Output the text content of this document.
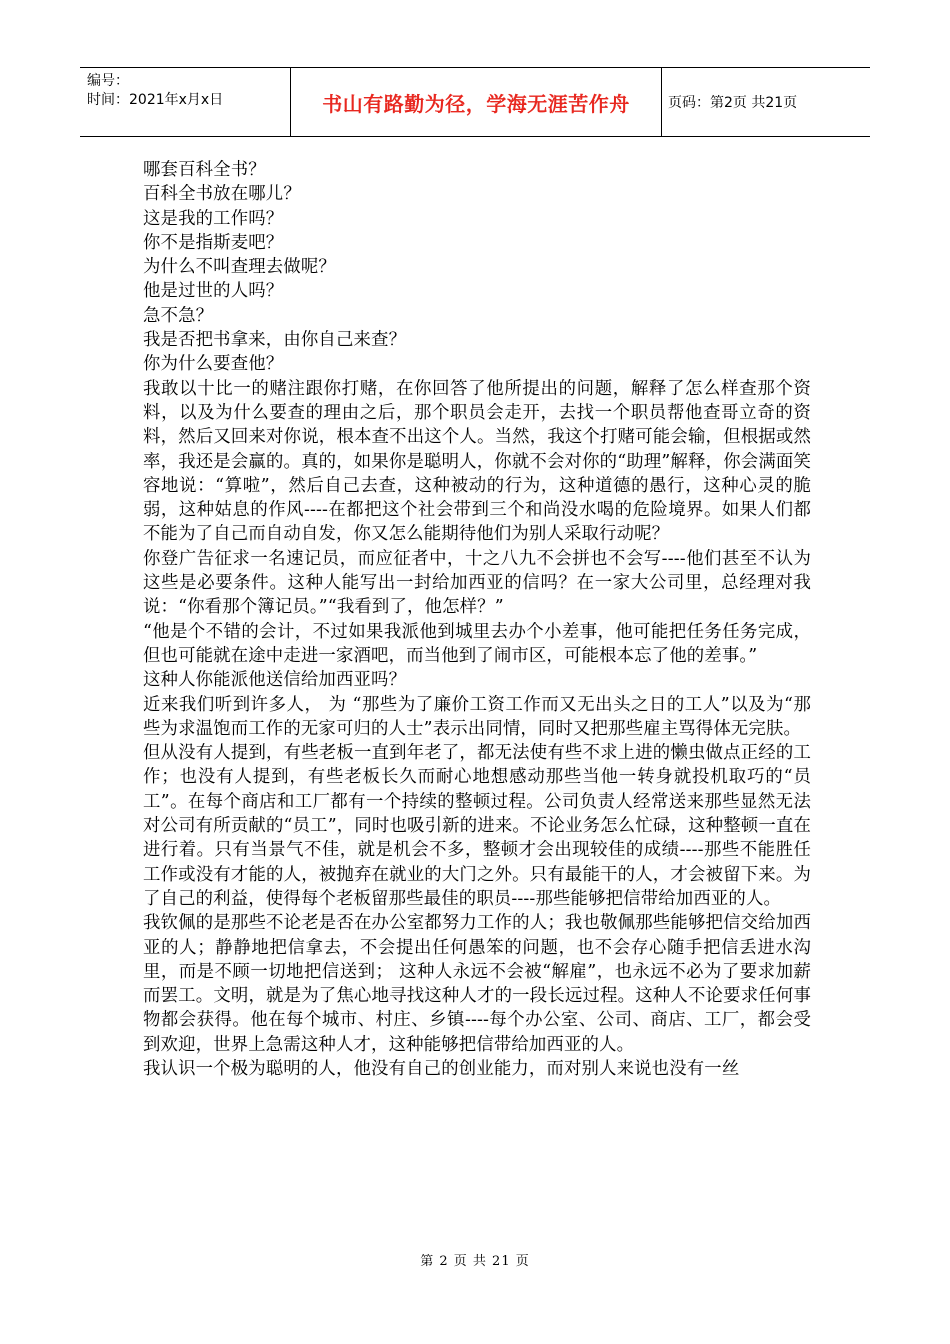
编号：
时间：2021年x月x日	书山有路勤为径，学海无涯苦作舟	页码：第2页 共21页

哪套百科全书？

百科全书放在哪儿？

这是我的工作吗？

你不是指斯麦吧？

为什么不叫查理去做呢？

他是过世的人吗？

急不急？

我是否把书拿来，由你自己来查？

你为什么要查他？

我敢以十比一的赌注跟你打赌，在你回答了他所提出的问题，解释了怎么样查那个资料，以及为什么要查的理由之后，那个职员会走开，去找一个职员帮他查哥立奇的资料，然后又回来对你说，根本查不出这个人。当然，我这个打赌可能会输，但根据或然率，我还是会赢的。真的，如果你是聪明人，你就不会对你的“助理”解释，你会满面笑容地说：“算啦”，然后自己去查，这种被动的行为，这种道德的愚行，这种心灵的脆弱，这种姑息的作风----在都把这个社会带到三个和尚没水喝的危险境界。如果人们都不能为了自己而自动自发，你又怎么能期待他们为别人采取行动呢？

你登广告征求一名速记员，而应征者中，十之八九不会拼也不会写----他们甚至不认为这些是必要条件。这种人能写出一封给加西亚的信吗？在一家大公司里，总经理对我说：“你看那个簿记员。”“我看到了，他怎样？”

“他是个不错的会计，不过如果我派他到城里去办个小差事，他可能把任务任务完成，但也可能就在途中走进一家酒吧，而当他到了闹市区，可能根本忘了他的差事。”

这种人你能派他送信给加西亚吗？

近来我们听到许多人， 为 “那些为了廉价工资工作而又无出头之日的工人”以及为“那些为求温饱而工作的无家可归的人士”表示出同情，同时又把那些雇主骂得体无完肤。

但从没有人提到，有些老板一直到年老了，都无法使有些不求上进的懒虫做点正经的工作；也没有人提到，有些老板长久而耐心地想感动那些当他一转身就投机取巧的“员工”。在每个商店和工厂都有一个持续的整顿过程。公司负责人经常送来那些显然无法对公司有所贡献的“员工”，同时也吸引新的进来。不论业务怎么忙碌，这种整顿一直在进行着。只有当景气不佳，就是机会不多，整顿才会出现较佳的成绩----那些不能胜任工作或没有才能的人，被抛弃在就业的大门之外。只有最能干的人，才会被留下来。为了自己的利益，使得每个老板留那些最佳的职员----那些能够把信带给加西亚的人。

我钦佩的是那些不论老是否在办公室都努力工作的人；我也敬佩那些能够把信交给加西亚的人；静静地把信拿去，不会提出任何愚笨的问题，也不会存心随手把信丢进水沟里，而是不顾一切地把信送到； 这种人永远不会被“解雇”，也永远不必为了要求加薪而罢工。文明，就是为了焦心地寻找这种人才的一段长远过程。这种人不论要求任何事物都会获得。他在每个城市、村庄、乡镇----每个办公室、公司、商店、工厂，都会受到欢迎，世界上急需这种人才，这种能够把信带给加西亚的人。

我认识一个极为聪明的人，他没有自己的创业能力，而对别人来说也没有一丝

第 2 页 共 21 页
